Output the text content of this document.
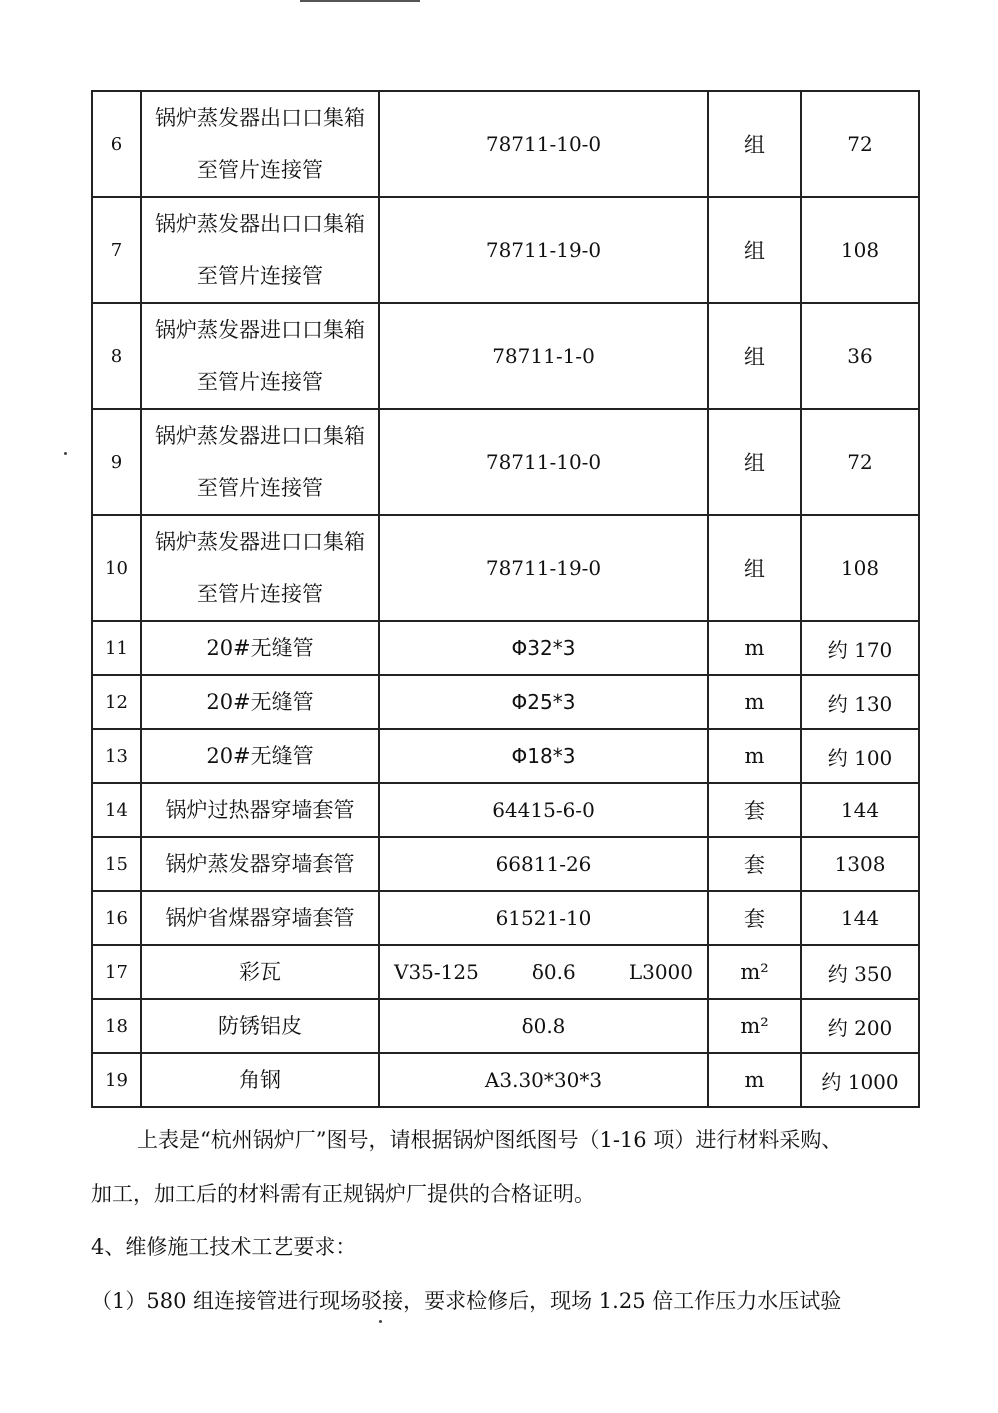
6	锅炉蒸发器出口口集箱至管片连接管	78711-10-0	组	72
7	锅炉蒸发器出口口集箱至管片连接管	78711-19-0	组	108
8	锅炉蒸发器进口口集箱至管片连接管	78711-1-0	组	36
9	锅炉蒸发器进口口集箱至管片连接管	78711-10-0	组	72
10	锅炉蒸发器进口口集箱至管片连接管	78711-19-0	组	108
11	20#无缝管	Φ32*3	m	约 170
12	20#无缝管	Φ25*3	m	约 130
13	20#无缝管	Φ18*3	m	约 100
14	锅炉过热器穿墙套管	64415-6-0	套	144
15	锅炉蒸发器穿墙套管	66811-26	套	1308
16	锅炉省煤器穿墙套管	61521-10	套	144
17	彩瓦	V35-125 δ0.6 L3000	m²	约 350
18	防锈铝皮	δ0.8	m²	约 200
19	角钢	A3.30*30*3	m	约 1000

上表是“杭州锅炉厂”图号，请根据锅炉图纸图号（1-16 项）进行材料采购、

加工，加工后的材料需有正规锅炉厂提供的合格证明。

4、维修施工技术工艺要求：

（1）580 组连接管进行现场驳接，要求检修后，现场 1.25 倍工作压力水压试验
